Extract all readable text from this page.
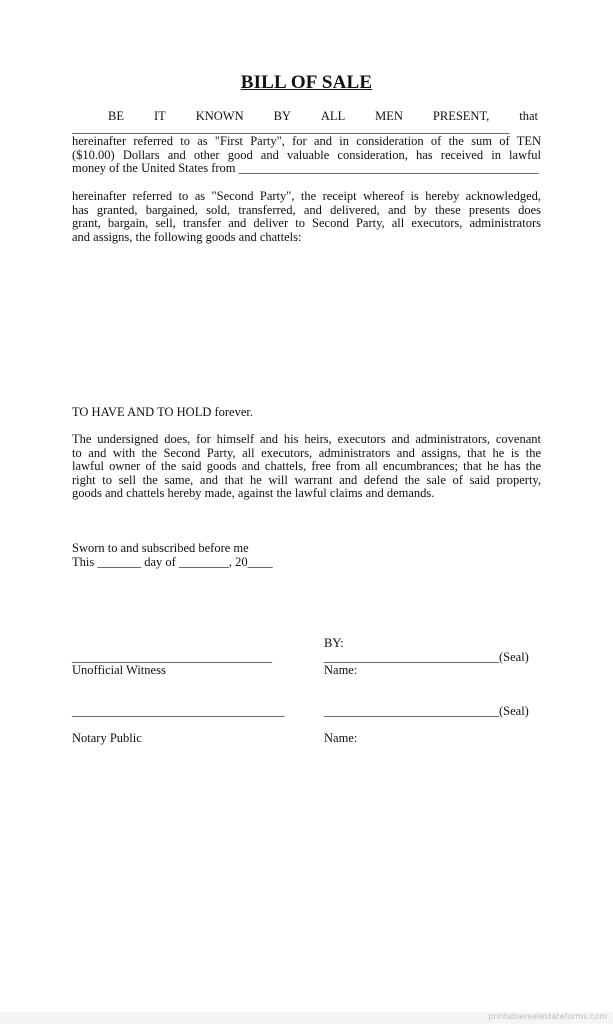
BILL OF SALE
BE IT KNOWN BY ALL MEN PRESENT, that
______________________________________________________________________
hereinafter referred to as "First Party", for and in consideration of the sum of TEN
($10.00) Dollars and other good and valuable consideration, has received in lawful
money of the United States from ________________________________________________
hereinafter referred to as "Second Party", the receipt whereof is hereby acknowledged,
has granted, bargained, sold, transferred, and delivered, and by these presents does
grant, bargain, sell, transfer and deliver to Second Party, all executors, administrators
and assigns, the following goods and chattels:
TO HAVE AND TO HOLD forever.
The undersigned does, for himself and his heirs, executors and administrators, covenant
to and with the Second Party, all executors, administrators and assigns, that he is the
lawful owner of the said goods and chattels, free from all encumbrances; that he has the
right to sell the same, and that he will warrant and defend the sale of said property,
goods and chattels hereby made, against the lawful claims and demands.
Sworn to and subscribed before me
This _______ day of ________, 20____
BY:
________________________________	____________________________(Seal)
Unofficial Witness	Name:
__________________________________	____________________________(Seal)
Notary Public	Name:
printablerealestateforms.com
